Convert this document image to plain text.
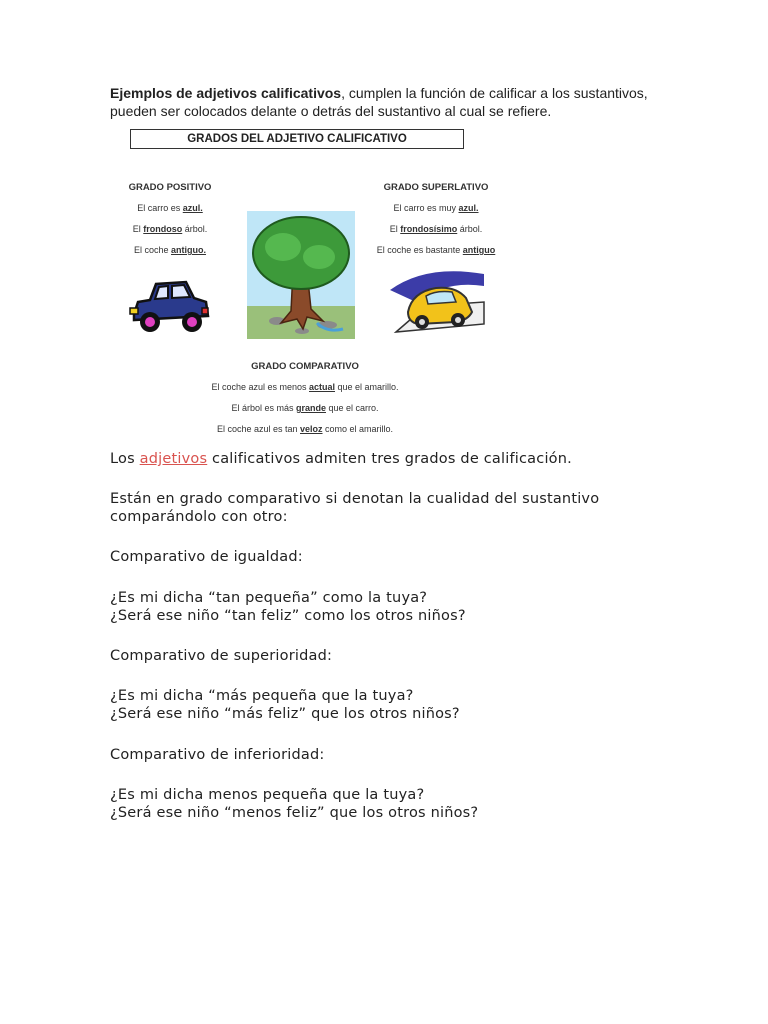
Ejemplos de adjetivos calificativos, cumplen la función de calificar a los sustantivos,
pueden ser colocados delante o detrás del sustantivo al cual se refiere.
GRADOS DEL ADJETIVO CALIFICATIVO
GRADO POSITIVO
El carro es azul.
El frondoso árbol.
El coche antiguo.
GRADO SUPERLATIVO
El carro es muy azul.
El frondosísimo árbol.
El coche es bastante antiguo
GRADO COMPARATIVO
El coche azul es menos actual que el amarillo.
El árbol es más grande que el carro.
El coche azul es tan veloz como el amarillo.
Los adjetivos calificativos admiten tres grados de calificación.
Están en grado comparativo si denotan la cualidad del sustantivo
comparándolo con otro:
Comparativo de igualdad:
¿Es mi dicha “tan pequeña” como la tuya?
¿Será ese niño “tan feliz” como los otros niños?
Comparativo de superioridad:
¿Es mi dicha “más pequeña que la tuya?
¿Será ese niño “más feliz” que los otros niños?
Comparativo de inferioridad:
¿Es mi dicha menos pequeña que la tuya?
¿Será ese niño “menos feliz” que los otros niños?
